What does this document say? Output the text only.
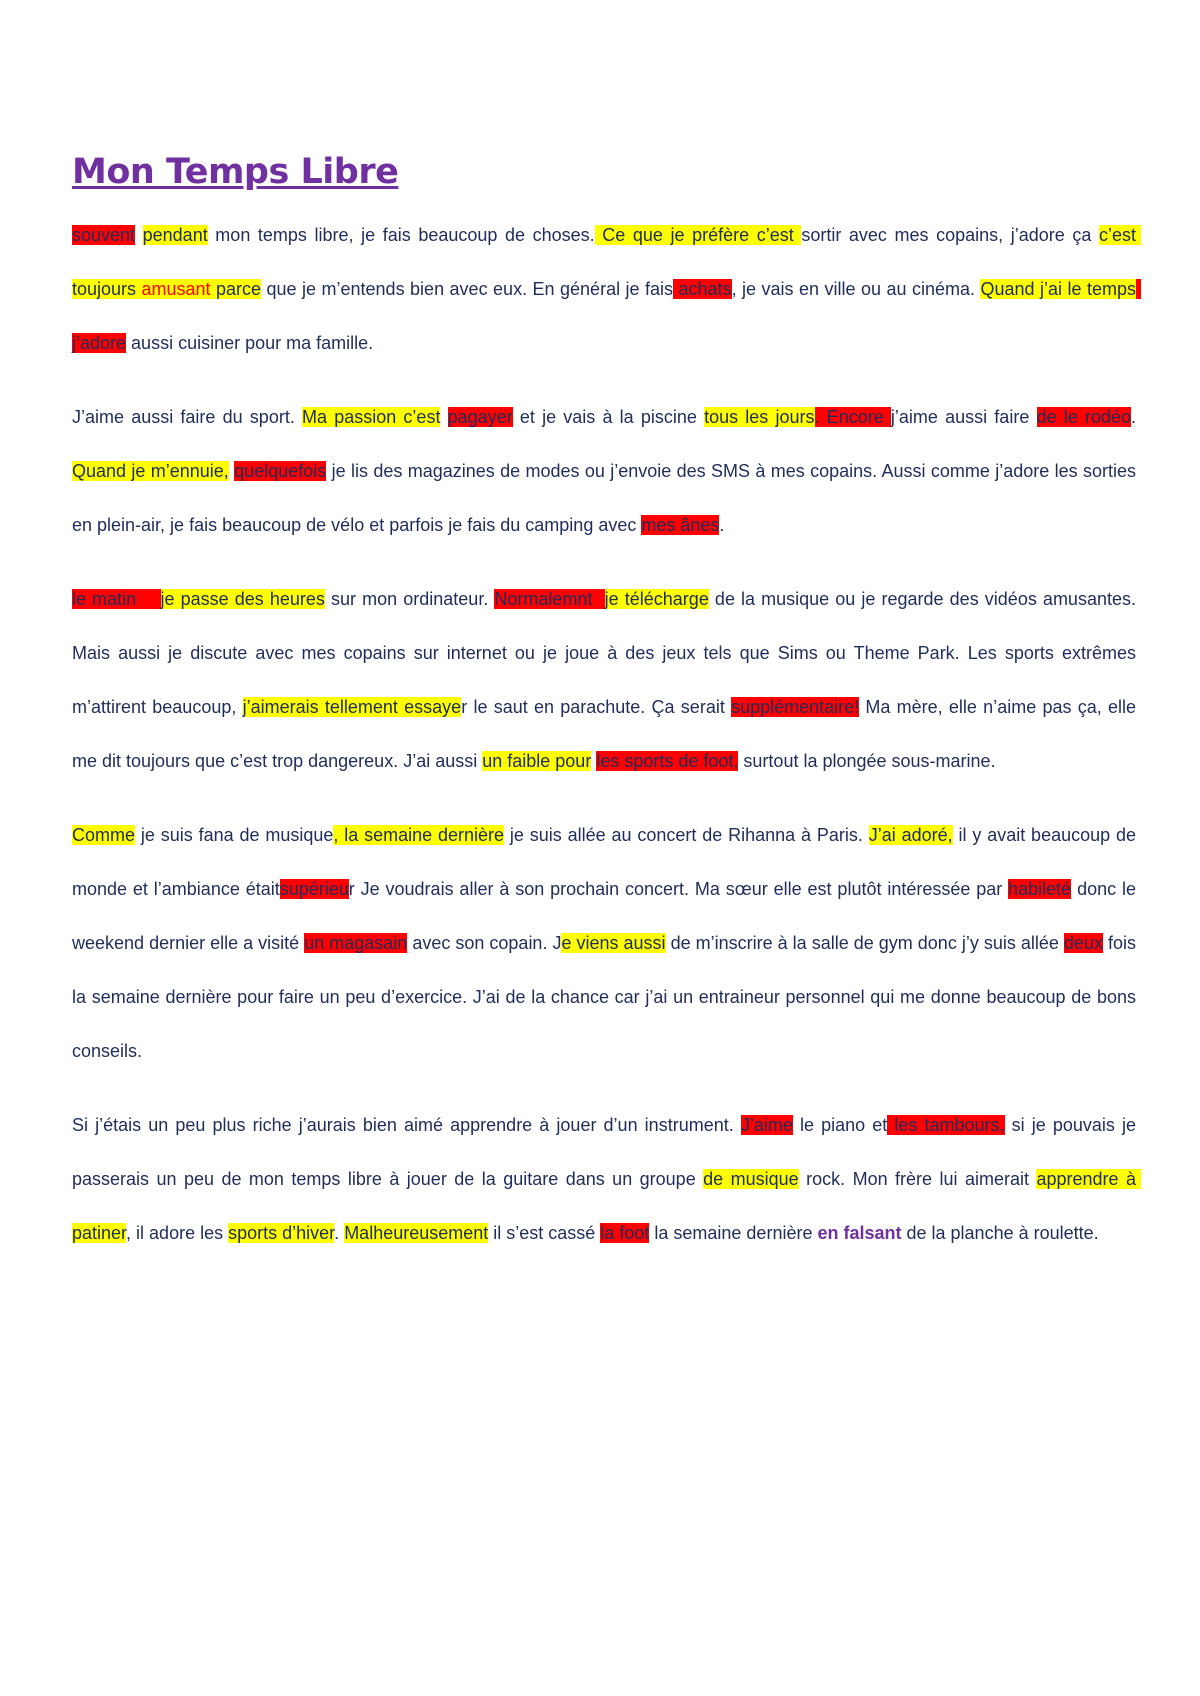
Mon Temps Libre

souvent pendant mon temps libre, je fais beaucoup de choses. Ce que je préfère c’est sortir avec mes copains, j’adore ça c’est toujours amusant parce que je m’entends bien avec eux. En général je fais achats, je vais en ville ou au cinéma. Quand j’ai le temps j’adore aussi cuisiner pour ma famille.

J’aime aussi faire du sport. Ma passion c’est pagayer et je vais à la piscine tous les jours. Encore j’aime aussi faire de le rodéo. Quand je m’ennuie, quelquefois je lis des magazines de modes ou j’envoie des SMS à mes copains. Aussi comme j’adore les sorties en plein-air, je fais beaucoup de vélo et parfois je fais du camping avec mes ânes.

le matin    je passe des heures sur mon ordinateur. Normalemnt  je télécharge de la musique ou je regarde des vidéos amusantes. Mais aussi je discute avec mes copains sur internet ou je joue à des jeux tels que Sims ou Theme Park. Les sports extrêmes m’attirent beaucoup, j’aimerais tellement essayer le saut en parachute. Ça serait supplémentaire! Ma mère, elle n’aime pas ça, elle me dit toujours que c’est trop dangereux. J’ai aussi un faible pour les sports de foot, surtout la plongée sous-marine.

Comme je suis fana de musique, la semaine dernière je suis allée au concert de Rihanna à Paris. J’ai adoré, il y avait beaucoup de monde et l’ambiance étaitsupérieur Je voudrais aller à son prochain concert. Ma sœur elle est plutôt intéressée par habileté donc le weekend dernier elle a visité un magasain avec son copain. Je viens aussi de m’inscrire à la salle de gym donc j’y suis allée deux fois la semaine dernière pour faire un peu d’exercice. J’ai de la chance car j’ai un entraineur personnel qui me donne beaucoup de bons conseils.

Si j’étais un peu plus riche j’aurais bien aimé apprendre à jouer d’un instrument. J’aime le piano et les tambours, si je pouvais je passerais un peu de mon temps libre à jouer de la guitare dans un groupe de musique rock. Mon frère lui aimerait apprendre à patiner, il adore les sports d’hiver. Malheureusement il s’est cassé la foot la semaine dernière en falsant de la planche à roulette.
